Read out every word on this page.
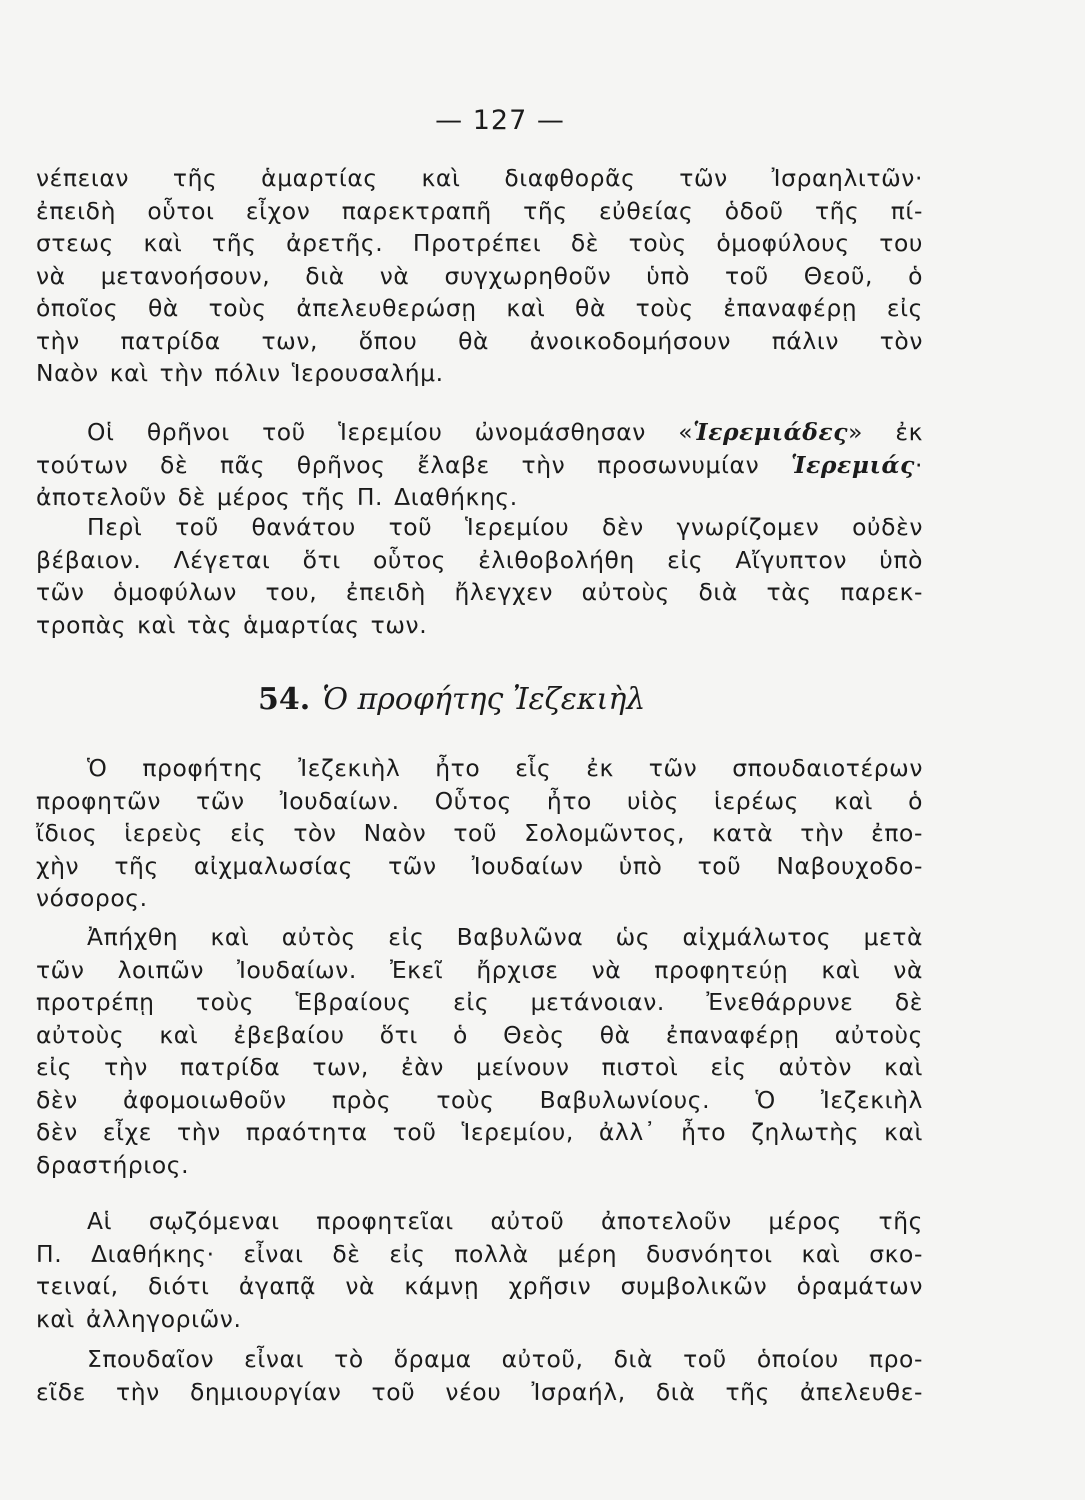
— 127 —
νέπειαν τῆς ἁμαρτίας καὶ διαφθορᾶς τῶν Ἰσραηλιτῶν·
ἐπειδὴ οὗτοι εἶχον παρεκτραπῆ τῆς εὐθείας ὁδοῦ τῆς πί-
στεως καὶ τῆς ἀρετῆς. Προτρέπει δὲ τοὺς ὁμοφύλους του
νὰ μετανοήσουν, διὰ νὰ συγχωρηθοῦν ὑπὸ τοῦ Θεοῦ, ὁ
ὁποῖος θὰ τοὺς ἀπελευθερώσῃ καὶ θὰ τοὺς ἐπαναφέρῃ εἰς
τὴν πατρίδα των, ὅπου θὰ ἀνοικοδομήσουν πάλιν τὸν
Ναὸν καὶ τὴν πόλιν Ἱερουσαλήμ.
Οἱ θρῆνοι τοῦ Ἱερεμίου ὠνομάσθησαν «Ἱερεμιάδες» ἐκ
τούτων δὲ πᾶς θρῆνος ἔλαβε τὴν προσωνυμίαν Ἱερεμιάς·
ἀποτελοῦν δὲ μέρος τῆς Π. Διαθήκης.
Περὶ τοῦ θανάτου τοῦ Ἱερεμίου δὲν γνωρίζομεν οὐδὲν
βέβαιον. Λέγεται ὅτι οὗτος ἐλιθοβολήθη εἰς Αἴγυπτον ὑπὸ
τῶν ὁμοφύλων του, ἐπειδὴ ἤλεγχεν αὐτοὺς διὰ τὰς παρεκ-
τροπὰς καὶ τὰς ἁμαρτίας των.
54. Ὁ προφήτης Ἰεζεκιὴλ
Ὁ προφήτης Ἰεζεκιὴλ ἦτο εἷς ἐκ τῶν σπουδαιοτέρων
προφητῶν τῶν Ἰουδαίων. Οὗτος ἦτο υἱὸς ἱερέως καὶ ὁ
ἴδιος ἱερεὺς εἰς τὸν Ναὸν τοῦ Σολομῶντος, κατὰ τὴν ἐπο-
χὴν τῆς αἰχμαλωσίας τῶν Ἰουδαίων ὑπὸ τοῦ Ναβουχοδο-
νόσορος.
Ἀπήχθη καὶ αὐτὸς εἰς Βαβυλῶνα ὡς αἰχμάλωτος μετὰ
τῶν λοιπῶν Ἰουδαίων. Ἐκεῖ ἤρχισε νὰ προφητεύῃ καὶ νὰ
προτρέπῃ τοὺς Ἑβραίους εἰς μετάνοιαν. Ἐνεθάρρυνε δὲ
αὐτοὺς καὶ ἐβεβαίου ὅτι ὁ Θεὸς θὰ ἐπαναφέρῃ αὐτοὺς
εἰς τὴν πατρίδα των, ἐὰν μείνουν πιστοὶ εἰς αὐτὸν καὶ
δὲν ἀφομοιωθοῦν πρὸς τοὺς Βαβυλωνίους. Ὁ Ἰεζεκιὴλ
δὲν εἶχε τὴν πραότητα τοῦ Ἱερεμίου, ἀλλ᾿ ἦτο ζηλωτὴς καὶ
δραστήριος.
Αἱ σῳζόμεναι προφητεῖαι αὐτοῦ ἀποτελοῦν μέρος τῆς
Π. Διαθήκης· εἶναι δὲ εἰς πολλὰ μέρη δυσνόητοι καὶ σκο-
τειναί, διότι ἀγαπᾷ νὰ κάμνῃ χρῆσιν συμβολικῶν ὁραμάτων
καὶ ἀλληγοριῶν.
Σπουδαῖον εἶναι τὸ ὅραμα αὐτοῦ, διὰ τοῦ ὁποίου προ-
εῖδε τὴν δημιουργίαν τοῦ νέου Ἰσραήλ, διὰ τῆς ἀπελευθε-
